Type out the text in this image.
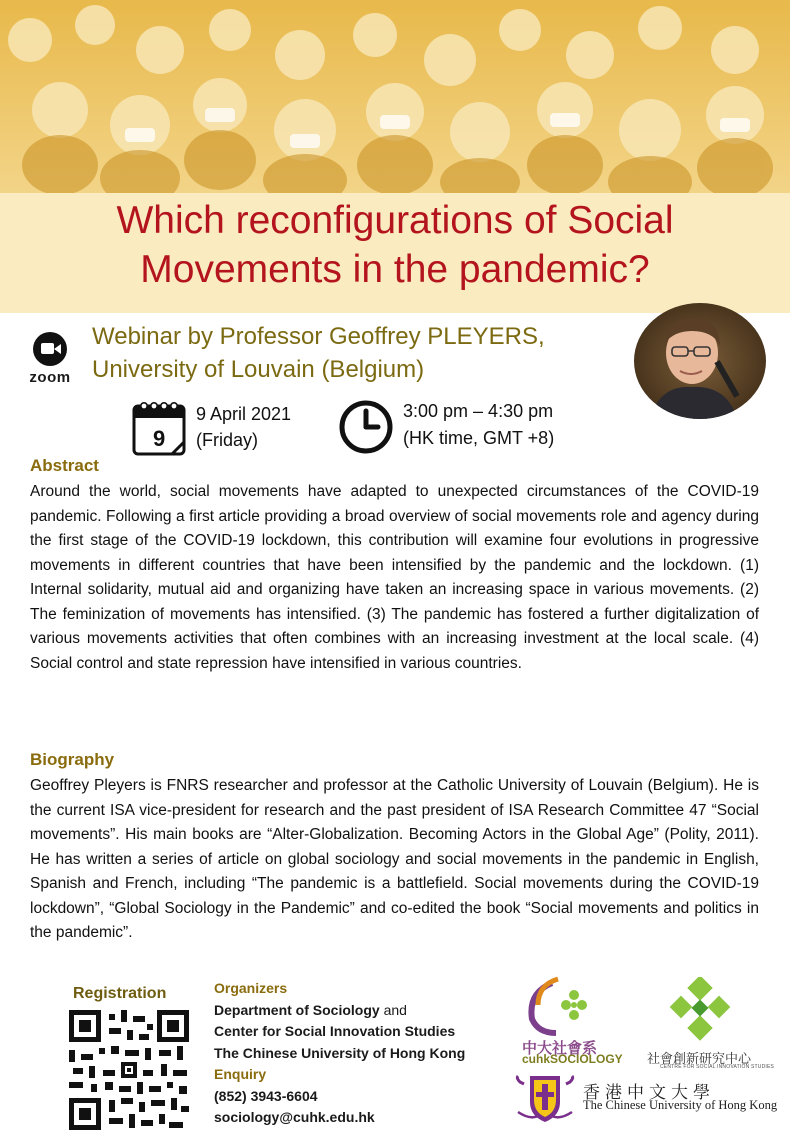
Which reconfigurations of Social
Movements in the pandemic?
zoom
Webinar by Professor Geoffrey PLEYERS,
University of Louvain (Belgium)
9
9 April 2021
(Friday)
3:00 pm – 4:30 pm
(HK time, GMT +8)
Abstract
Around the world, social movements have adapted to unexpected circumstances of the COVID-19 pandemic. Following a first article providing a broad overview of social movements role and agency during the first stage of the COVID-19 lockdown, this contribution will examine four evolutions in progressive movements in different countries that have been intensified by the pandemic and the lockdown. (1) Internal solidarity, mutual aid and organizing have taken an increasing space in various movements. (2) The feminization of movements has intensified. (3) The pandemic has fostered a further digitalization of various movements activities that often combines with an increasing investment at the local scale. (4) Social control and state repression have intensified in various countries.
Biography
Geoffrey Pleyers is FNRS researcher and professor at the Catholic University of Louvain (Belgium). He is the current ISA vice-president for research and the past president of ISA Research Committee 47 “Social movements”. His main books are “Alter-Globalization. Becoming Actors in the Global Age” (Polity, 2011). He has written a series of article on global sociology and social movements in the pandemic in English, Spanish and French, including “The pandemic is a battlefield. Social movements during the COVID-19 lockdown”, “Global Sociology in the Pandemic” and co-edited the book “Social movements and politics in the pandemic”.
Registration	Organizers
Department of Sociology and
Center for Social Innovation Studies
The Chinese University of Hong Kong
Enquiry
(852) 3943-6604
sociology@cuhk.edu.hk
中大社會系
cuhkSOCIOLOGY 社會創新研究中心
CENTRE FOR SOCIAL INNOVATION STUDIES
香港中文大學
The Chinese University of Hong Kong
